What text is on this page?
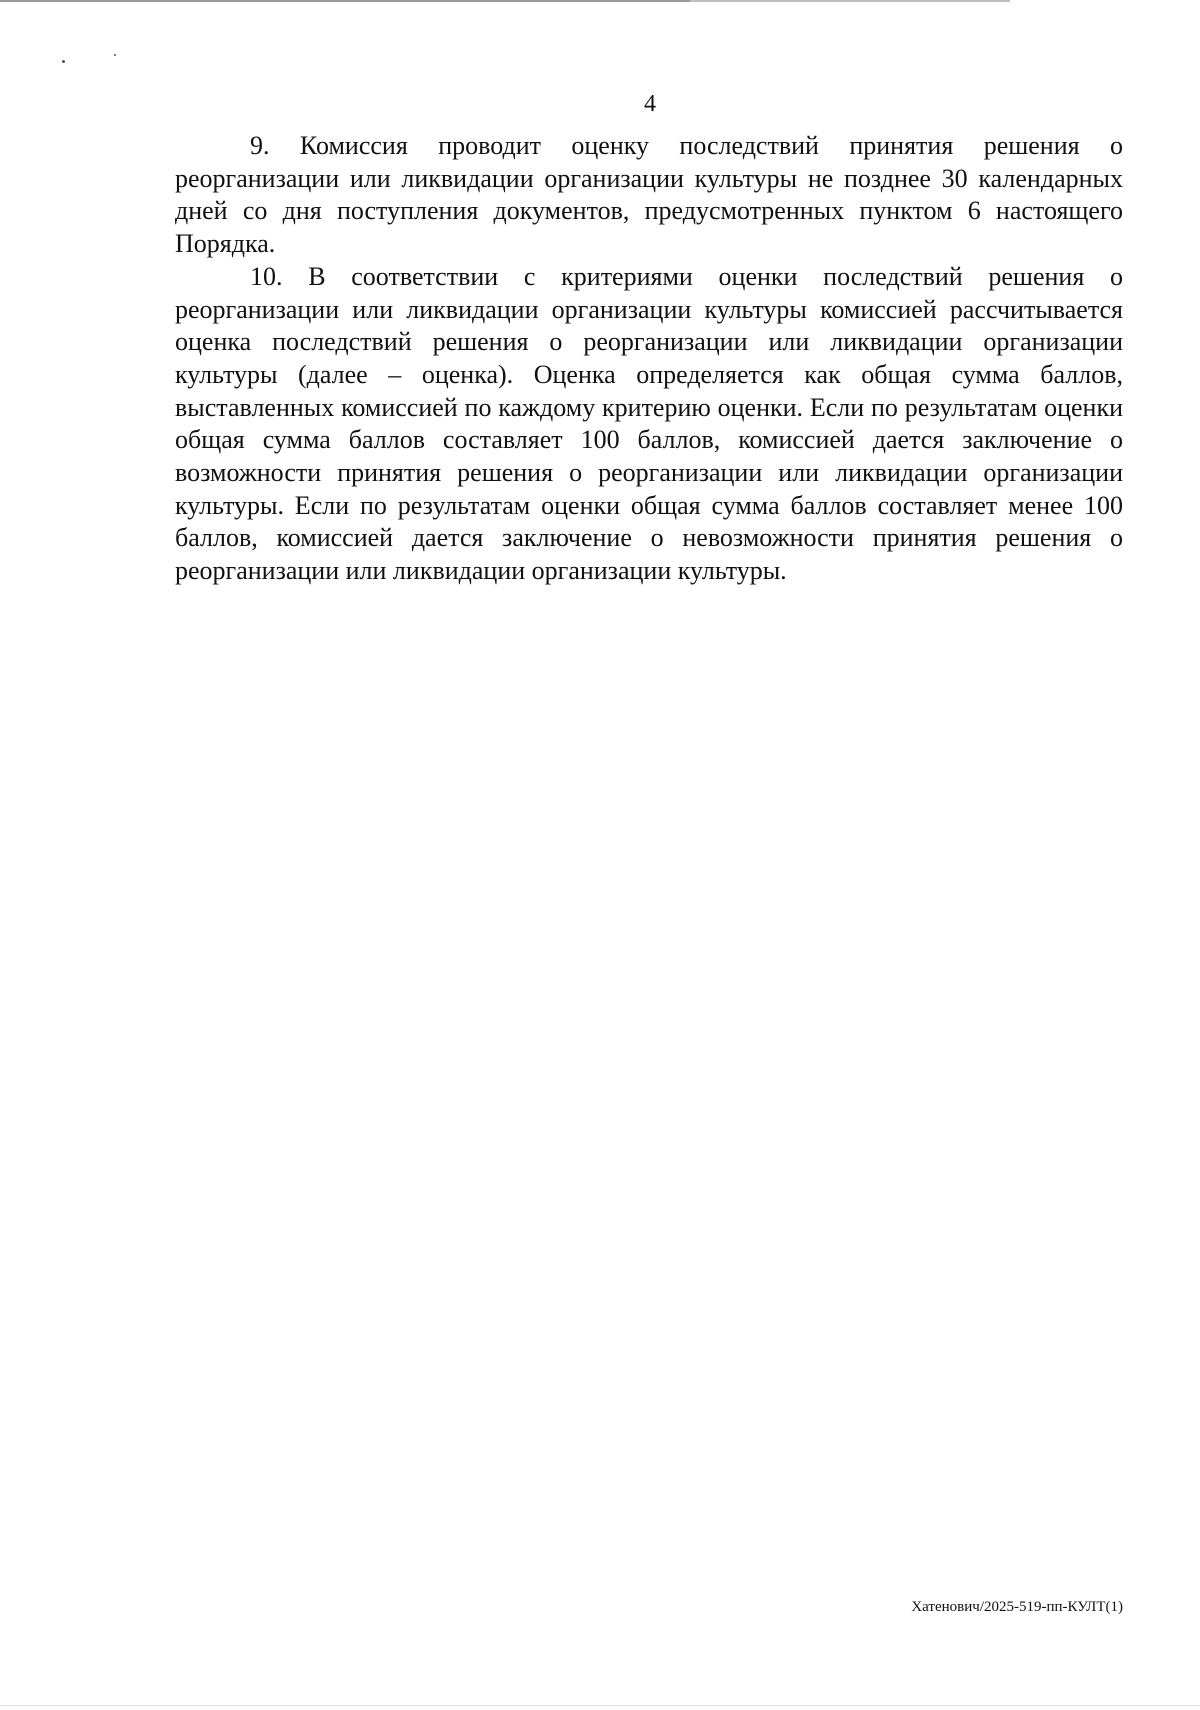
4

9. Комиссия проводит оценку последствий принятия решения о реорганизации или ликвидации организации культуры не позднее 30 календарных дней со дня поступления документов, предусмотренных пунктом 6 настоящего Порядка.

10. В соответствии с критериями оценки последствий решения о реорганизации или ликвидации организации культуры комиссией рассчитывается оценка последствий решения о реорганизации или ликвидации организации культуры (далее – оценка). Оценка определяется как общая сумма баллов, выставленных комиссией по каждому критерию оценки. Если по результатам оценки общая сумма баллов составляет 100 баллов, комиссией дается заключение о возможности принятия решения о реорганизации или ликвидации организации культуры. Если по результатам оценки общая сумма баллов составляет менее 100 баллов, комиссией дается заключение о невозможности принятия решения о реорганизации или ликвидации организации культуры.

Хатенович/2025-519-пп-КУЛТ(1)
